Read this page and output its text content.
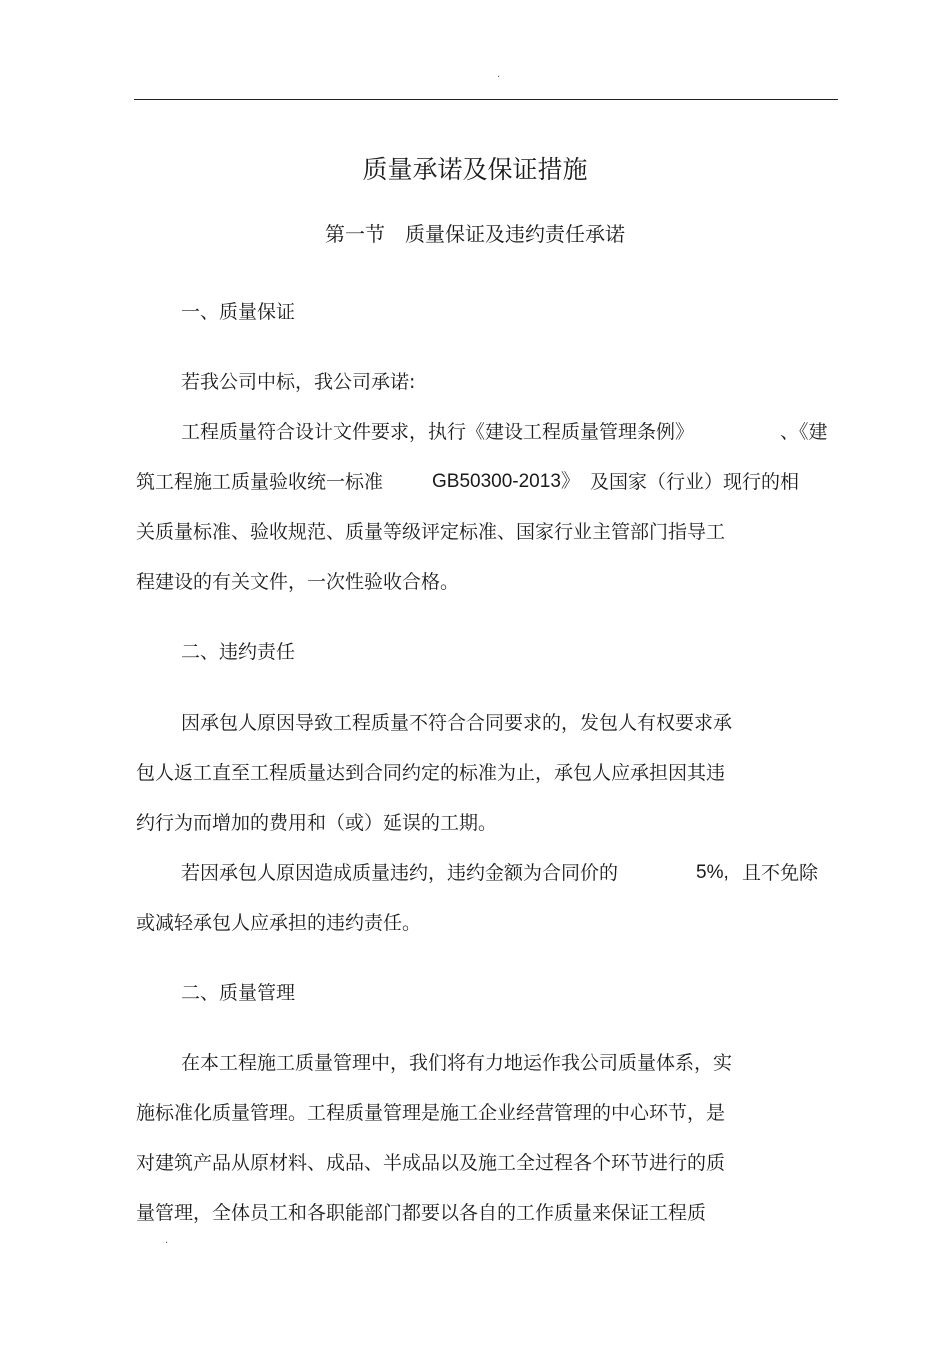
·
质量承诺及保证措施
第一节　质量保证及违约责任承诺
一、质量保证
若我公司中标，我公司承诺:
工程质量符合设计文件要求，执行《建设工程质量管理条例》	、《建
筑工程施工质量验收统一标准	GB50300-2013》 及国家（行业）现行的相
关质量标准、验收规范、质量等级评定标准、国家行业主管部门指导工
程建设的有关文件，一次性验收合格。
二、违约责任
因承包人原因导致工程质量不符合合同要求的，发包人有权要求承
包人返工直至工程质量达到合同约定的标准为止，承包人应承担因其违
约行为而增加的费用和（或）延误的工期。
若因承包人原因造成质量违约，违约金额为合同价的	5%, 且不免除
或减轻承包人应承担的违约责任。
二、质量管理
在本工程施工质量管理中，我们将有力地运作我公司质量体系，实
施标准化质量管理。工程质量管理是施工企业经营管理的中心环节，是
对建筑产品从原材料、成品、半成品以及施工全过程各个环节进行的质
量管理，全体员工和各职能部门都要以各自的工作质量来保证工程质
·
